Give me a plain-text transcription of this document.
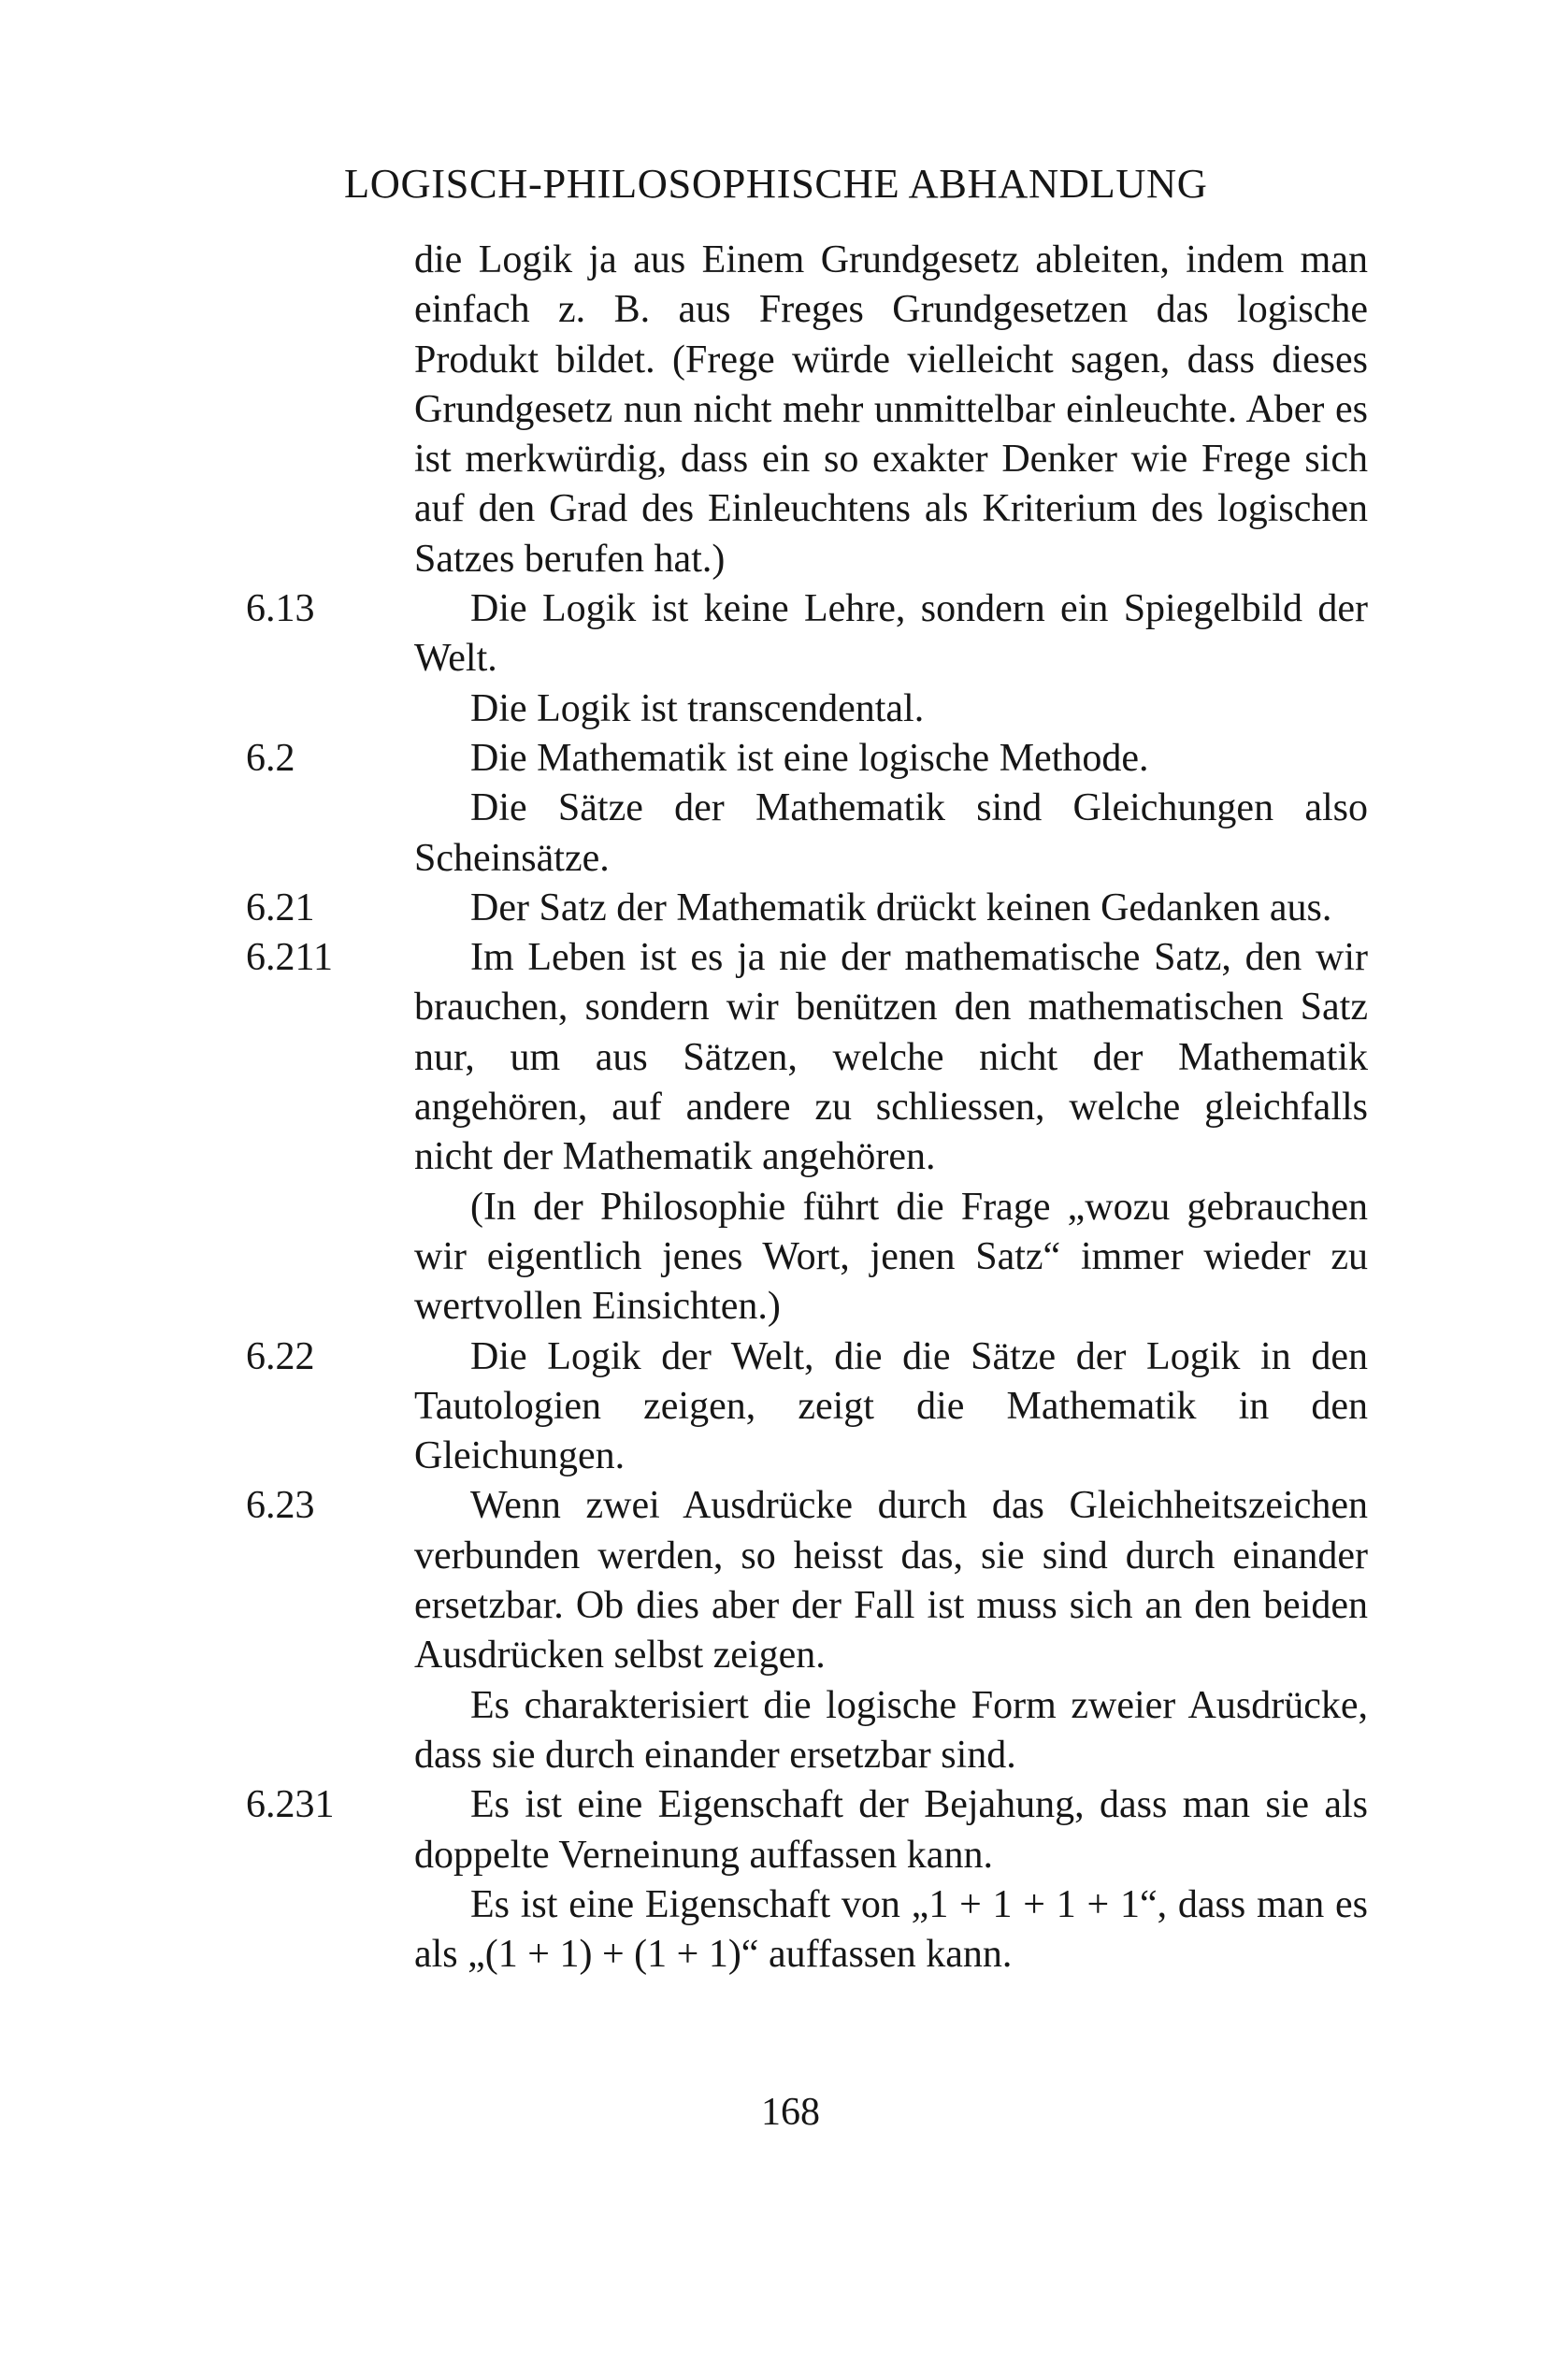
LOGISCH-PHILOSOPHISCHE ABHANDLUNG

die Logik ja aus Einem Grundgesetz ableiten, indem man einfach z. B. aus Freges Grundgesetzen das logische Produkt bildet. (Frege würde vielleicht sagen, dass dieses Grundgesetz nun nicht mehr unmittelbar einleuchte. Aber es ist merkwürdig, dass ein so exakter Denker wie Frege sich auf den Grad des Einleuchtens als Kriterium des logischen Satzes berufen hat.)

6.13	Die Logik ist keine Lehre, sondern ein Spiegelbild der Welt.

Die Logik ist transcendental.

6.2	Die Mathematik ist eine logische Methode.

Die Sätze der Mathematik sind Gleichungen also Scheinsätze.

6.21	Der Satz der Mathematik drückt keinen Gedanken aus.

6.211	Im Leben ist es ja nie der mathematische Satz, den wir brauchen, sondern wir benützen den mathematischen Satz nur, um aus Sätzen, welche nicht der Mathematik angehören, auf andere zu schliessen, welche gleichfalls nicht der Mathematik angehören.

(In der Philosophie führt die Frage „wozu gebrauchen wir eigentlich jenes Wort, jenen Satz“ immer wieder zu wertvollen Einsichten.)

6.22	Die Logik der Welt, die die Sätze der Logik in den Tautologien zeigen, zeigt die Mathematik in den Gleichungen.

6.23	Wenn zwei Ausdrücke durch das Gleichheitszeichen verbunden werden, so heisst das, sie sind durch einander ersetzbar. Ob dies aber der Fall ist muss sich an den beiden Ausdrücken selbst zeigen.

Es charakterisiert die logische Form zweier Ausdrücke, dass sie durch einander ersetzbar sind.

6.231	Es ist eine Eigenschaft der Bejahung, dass man sie als doppelte Verneinung auffassen kann.

Es ist eine Eigenschaft von „1 + 1 + 1 + 1“, dass man es als „(1 + 1) + (1 + 1)“ auffassen kann.

168
